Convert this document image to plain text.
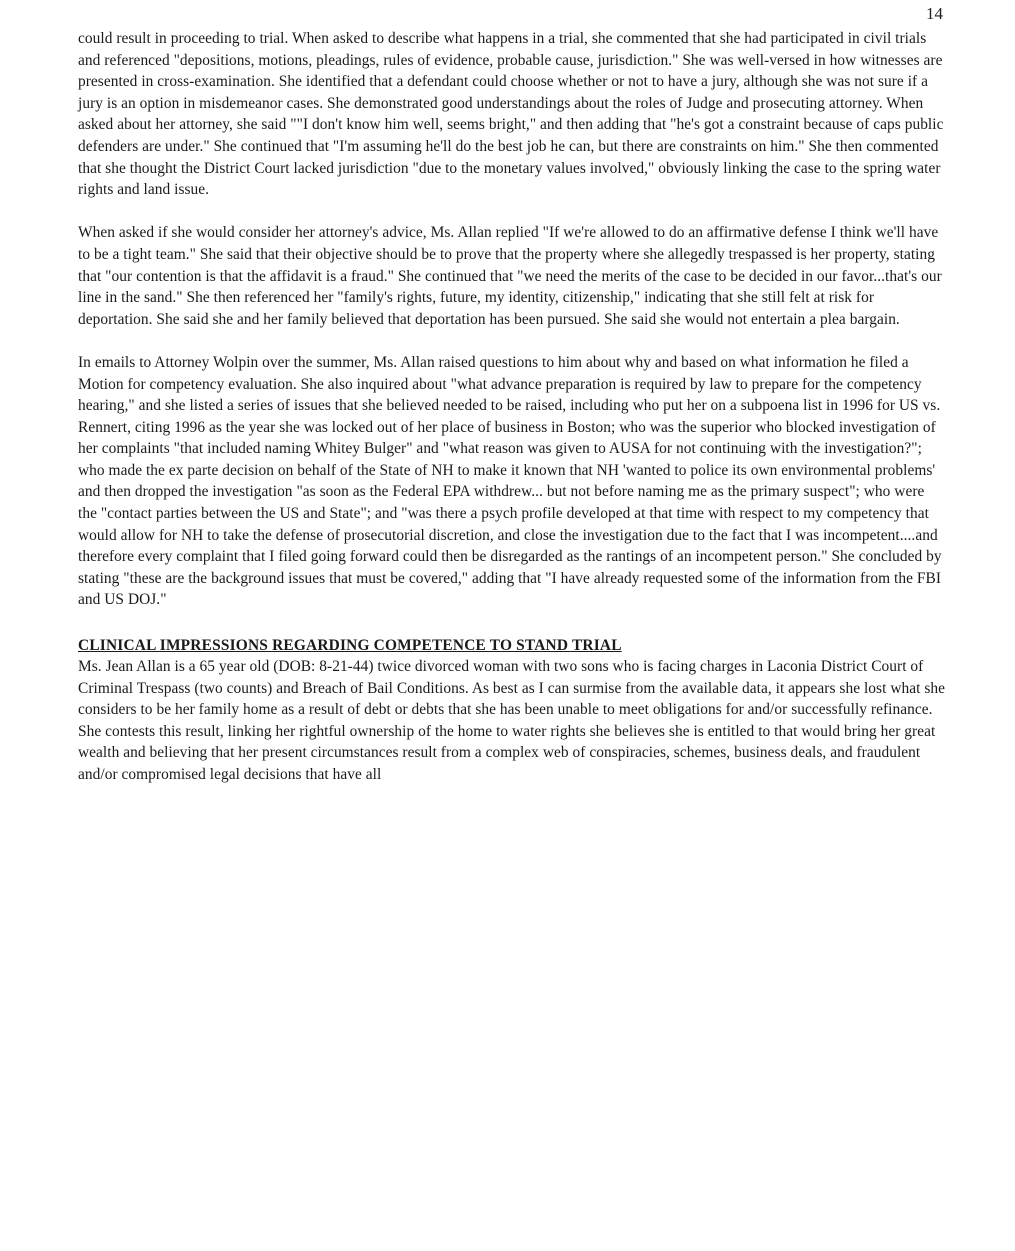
14

could result in proceeding to trial. When asked to describe what happens in a trial, she commented that she had participated in civil trials and referenced "depositions, motions, pleadings, rules of evidence, probable cause, jurisdiction." She was well-versed in how witnesses are presented in cross-examination. She identified that a defendant could choose whether or not to have a jury, although she was not sure if a jury is an option in misdemeanor cases. She demonstrated good understandings about the roles of Judge and prosecuting attorney. When asked about her attorney, she said ""I don't know him well, seems bright," and then adding that "he's got a constraint because of caps public defenders are under." She continued that "I'm assuming he'll do the best job he can, but there are constraints on him." She then commented that she thought the District Court lacked jurisdiction "due to the monetary values involved," obviously linking the case to the spring water rights and land issue.

When asked if she would consider her attorney's advice, Ms. Allan replied "If we're allowed to do an affirmative defense I think we'll have to be a tight team." She said that their objective should be to prove that the property where she allegedly trespassed is her property, stating that "our contention is that the affidavit is a fraud." She continued that "we need the merits of the case to be decided in our favor...that's our line in the sand." She then referenced her "family's rights, future, my identity, citizenship," indicating that she still felt at risk for deportation. She said she and her family believed that deportation has been pursued. She said she would not entertain a plea bargain.

In emails to Attorney Wolpin over the summer, Ms. Allan raised questions to him about why and based on what information he filed a Motion for competency evaluation. She also inquired about "what advance preparation is required by law to prepare for the competency hearing," and she listed a series of issues that she believed needed to be raised, including who put her on a subpoena list in 1996 for US vs. Rennert, citing 1996 as the year she was locked out of her place of business in Boston; who was the superior who blocked investigation of her complaints "that included naming Whitey Bulger" and "what reason was given to AUSA for not continuing with the investigation?"; who made the ex parte decision on behalf of the State of NH to make it known that NH 'wanted to police its own environmental problems' and then dropped the investigation "as soon as the Federal EPA withdrew... but not before naming me as the primary suspect"; who were the "contact parties between the US and State"; and "was there a psych profile developed at that time with respect to my competency that would allow for NH to take the defense of prosecutorial discretion, and close the investigation due to the fact that I was incompetent....and therefore every complaint that I filed going forward could then be disregarded as the rantings of an incompetent person." She concluded by stating "these are the background issues that must be covered," adding that "I have already requested some of the information from the FBI and US DOJ."

CLINICAL IMPRESSIONS REGARDING COMPETENCE TO STAND TRIAL

Ms. Jean Allan is a 65 year old (DOB: 8-21-44) twice divorced woman with two sons who is facing charges in Laconia District Court of Criminal Trespass (two counts) and Breach of Bail Conditions. As best as I can surmise from the available data, it appears she lost what she considers to be her family home as a result of debt or debts that she has been unable to meet obligations for and/or successfully refinance. She contests this result, linking her rightful ownership of the home to water rights she believes she is entitled to that would bring her great wealth and believing that her present circumstances result from a complex web of conspiracies, schemes, business deals, and fraudulent and/or compromised legal decisions that have all
